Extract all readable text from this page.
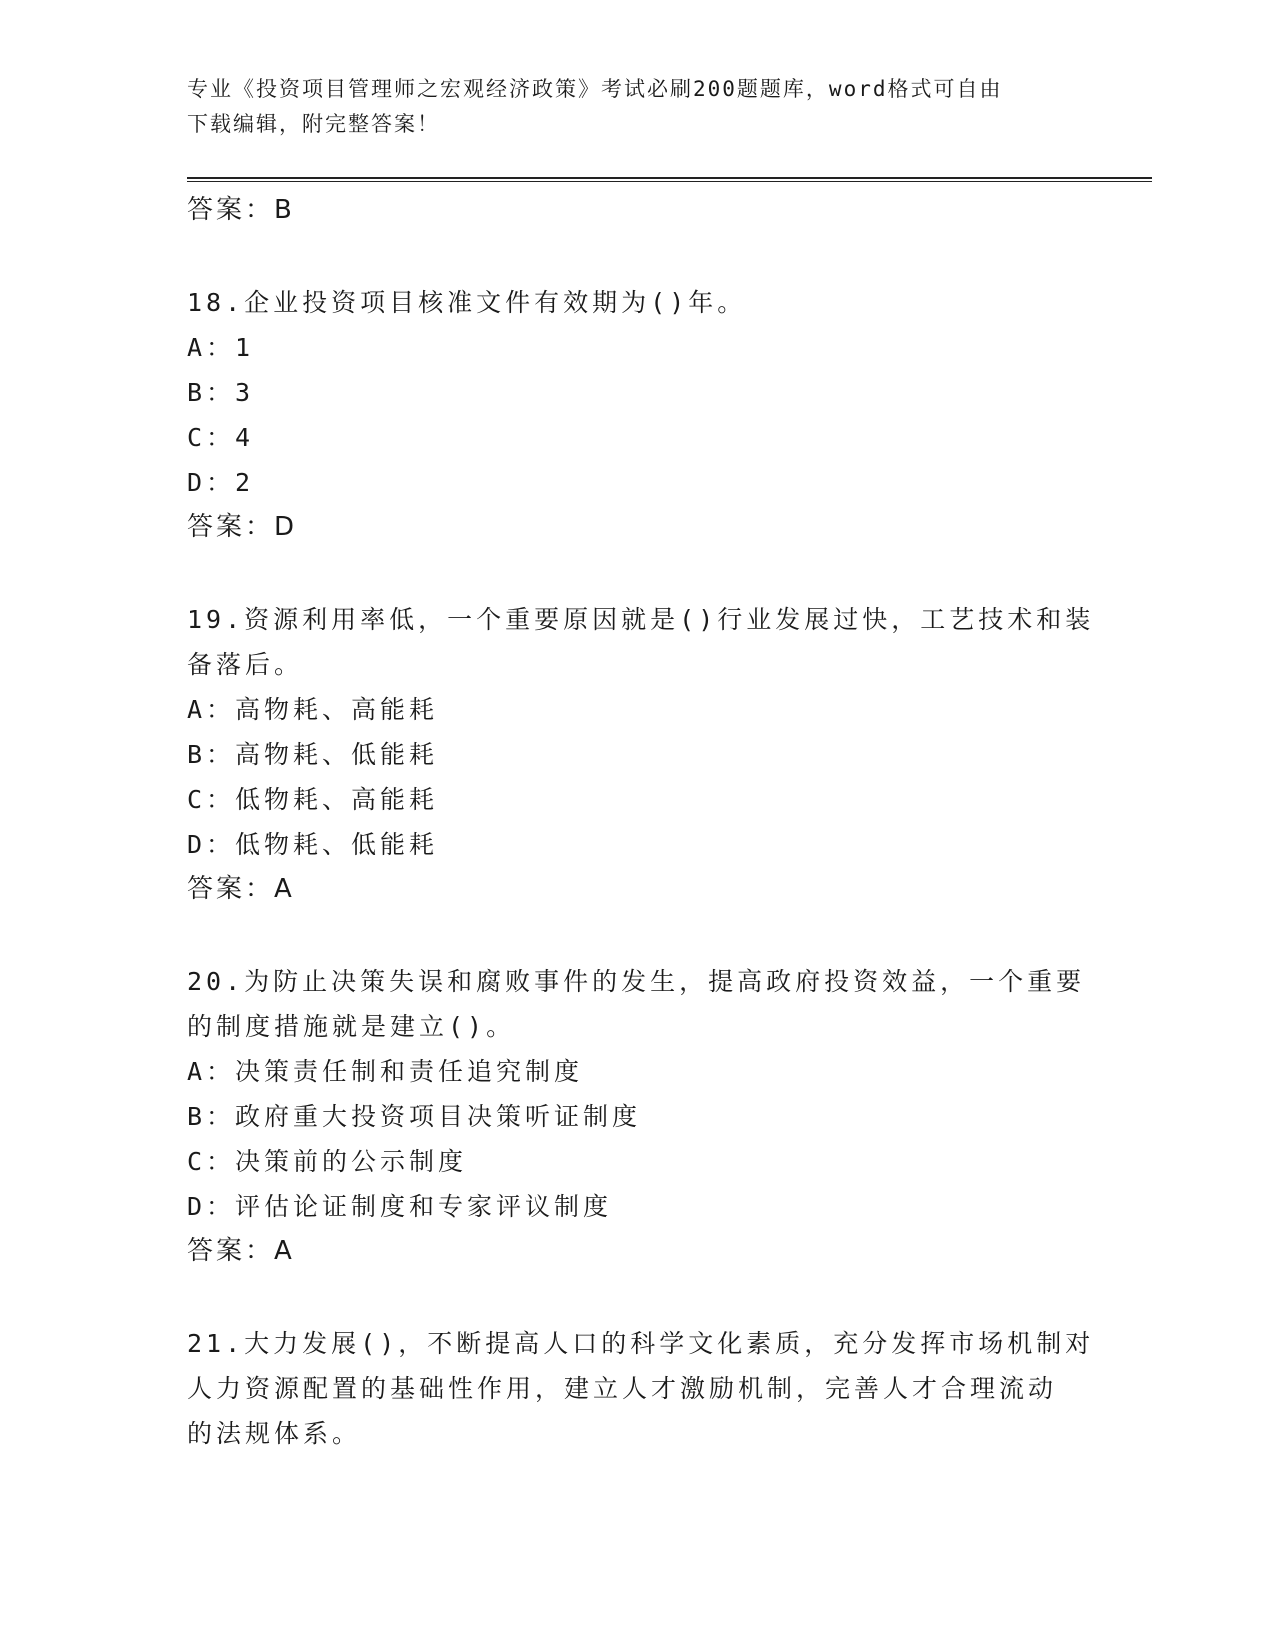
专业《投资项目管理师之宏观经济政策》考试必刷200题题库，word格式可自由
下载编辑，附完整答案！
答案：B
18.企业投资项目核准文件有效期为()年。
A：1
B：3
C：4
D：2
答案：D
19.资源利用率低，一个重要原因就是()行业发展过快，工艺技术和装
备落后。
A：高物耗、高能耗
B：高物耗、低能耗
C：低物耗、高能耗
D：低物耗、低能耗
答案：A
20.为防止决策失误和腐败事件的发生，提高政府投资效益，一个重要
的制度措施就是建立()。
A：决策责任制和责任追究制度
B：政府重大投资项目决策听证制度
C：决策前的公示制度
D：评估论证制度和专家评议制度
答案：A
21.大力发展()，不断提高人口的科学文化素质，充分发挥市场机制对
人力资源配置的基础性作用，建立人才激励机制，完善人才合理流动
的法规体系。
